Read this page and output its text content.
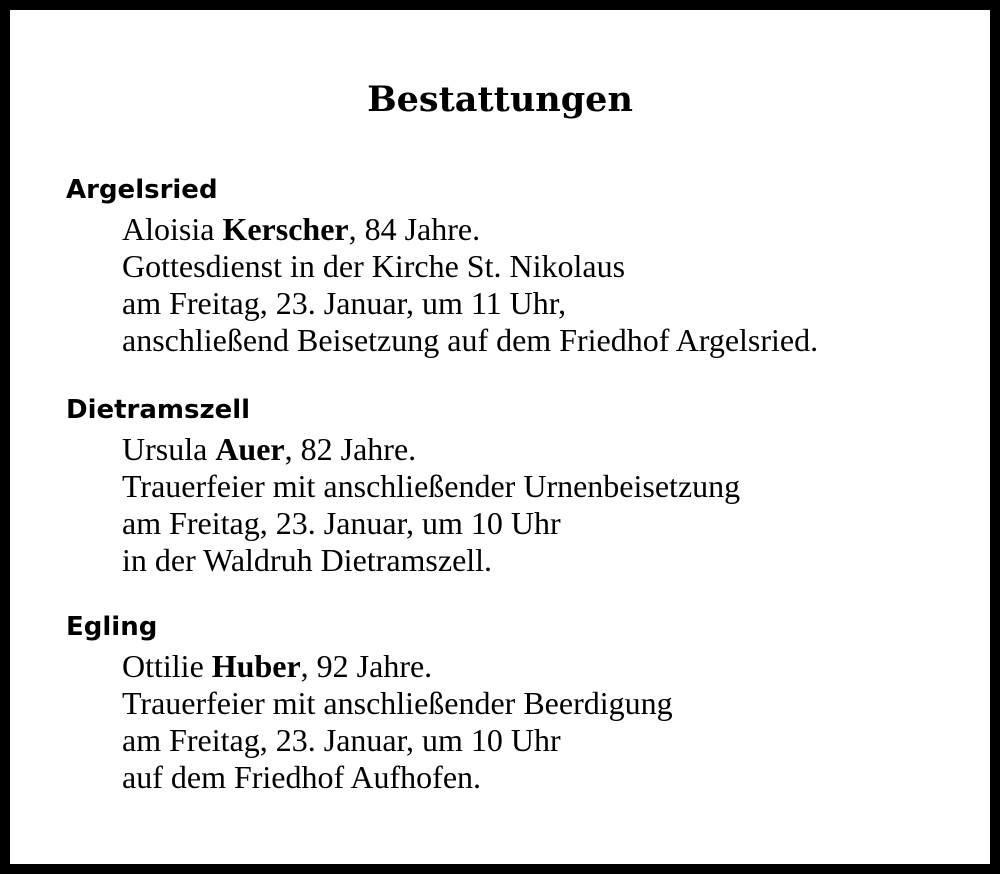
Bestattungen
Argelsried
Aloisia Kerscher, 84 Jahre.
Gottesdienst in der Kirche St. Nikolaus
am Freitag, 23. Januar, um 11 Uhr,
anschließend Beisetzung auf dem Friedhof Argelsried.
Dietramszell
Ursula Auer, 82 Jahre.
Trauerfeier mit anschließender Urnenbeisetzung
am Freitag, 23. Januar, um 10 Uhr
in der Waldruh Dietramszell.
Egling
Ottilie Huber, 92 Jahre.
Trauerfeier mit anschließender Beerdigung
am Freitag, 23. Januar, um 10 Uhr
auf dem Friedhof Aufhofen.
